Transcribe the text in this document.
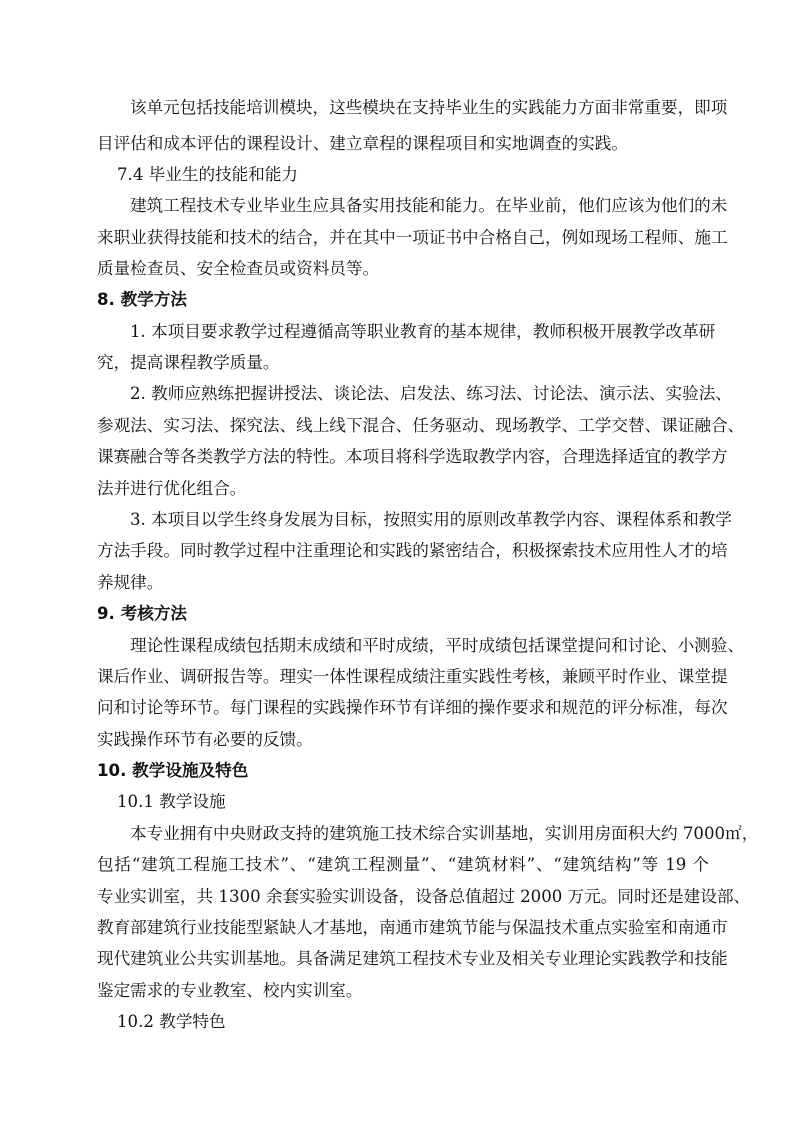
该单元包括技能培训模块，这些模块在支持毕业生的实践能力方面非常重要，即项
目评估和成本评估的课程设计、建立章程的课程项目和实地调查的实践。
7.4 毕业生的技能和能力
建筑工程技术专业毕业生应具备实用技能和能力。在毕业前，他们应该为他们的未
来职业获得技能和技术的结合，并在其中一项证书中合格自己，例如现场工程师、施工
质量检查员、安全检查员或资料员等。
8. 教学方法
1. 本项目要求教学过程遵循高等职业教育的基本规律，教师积极开展教学改革研
究，提高课程教学质量。
2. 教师应熟练把握讲授法、谈论法、启发法、练习法、讨论法、演示法、实验法、
参观法、实习法、探究法、线上线下混合、任务驱动、现场教学、工学交替、课证融合、
课赛融合等各类教学方法的特性。本项目将科学选取教学内容，合理选择适宜的教学方
法并进行优化组合。
3. 本项目以学生终身发展为目标，按照实用的原则改革教学内容、课程体系和教学
方法手段。同时教学过程中注重理论和实践的紧密结合，积极探索技术应用性人才的培
养规律。
9. 考核方法
理论性课程成绩包括期末成绩和平时成绩，平时成绩包括课堂提问和讨论、小测验、
课后作业、调研报告等。理实一体性课程成绩注重实践性考核，兼顾平时作业、课堂提
问和讨论等环节。每门课程的实践操作环节有详细的操作要求和规范的评分标准，每次
实践操作环节有必要的反馈。
10. 教学设施及特色
10.1 教学设施
本专业拥有中央财政支持的建筑施工技术综合实训基地，实训用房面积大约 7000㎡，
包括“建筑工程施工技术”、“建筑工程测量”、“建筑材料”、“建筑结构”等 19 个
专业实训室，共 1300 余套实验实训设备，设备总值超过 2000 万元。同时还是建设部、
教育部建筑行业技能型紧缺人才基地，南通市建筑节能与保温技术重点实验室和南通市
现代建筑业公共实训基地。具备满足建筑工程技术专业及相关专业理论实践教学和技能
鉴定需求的专业教室、校内实训室。
10.2 教学特色
